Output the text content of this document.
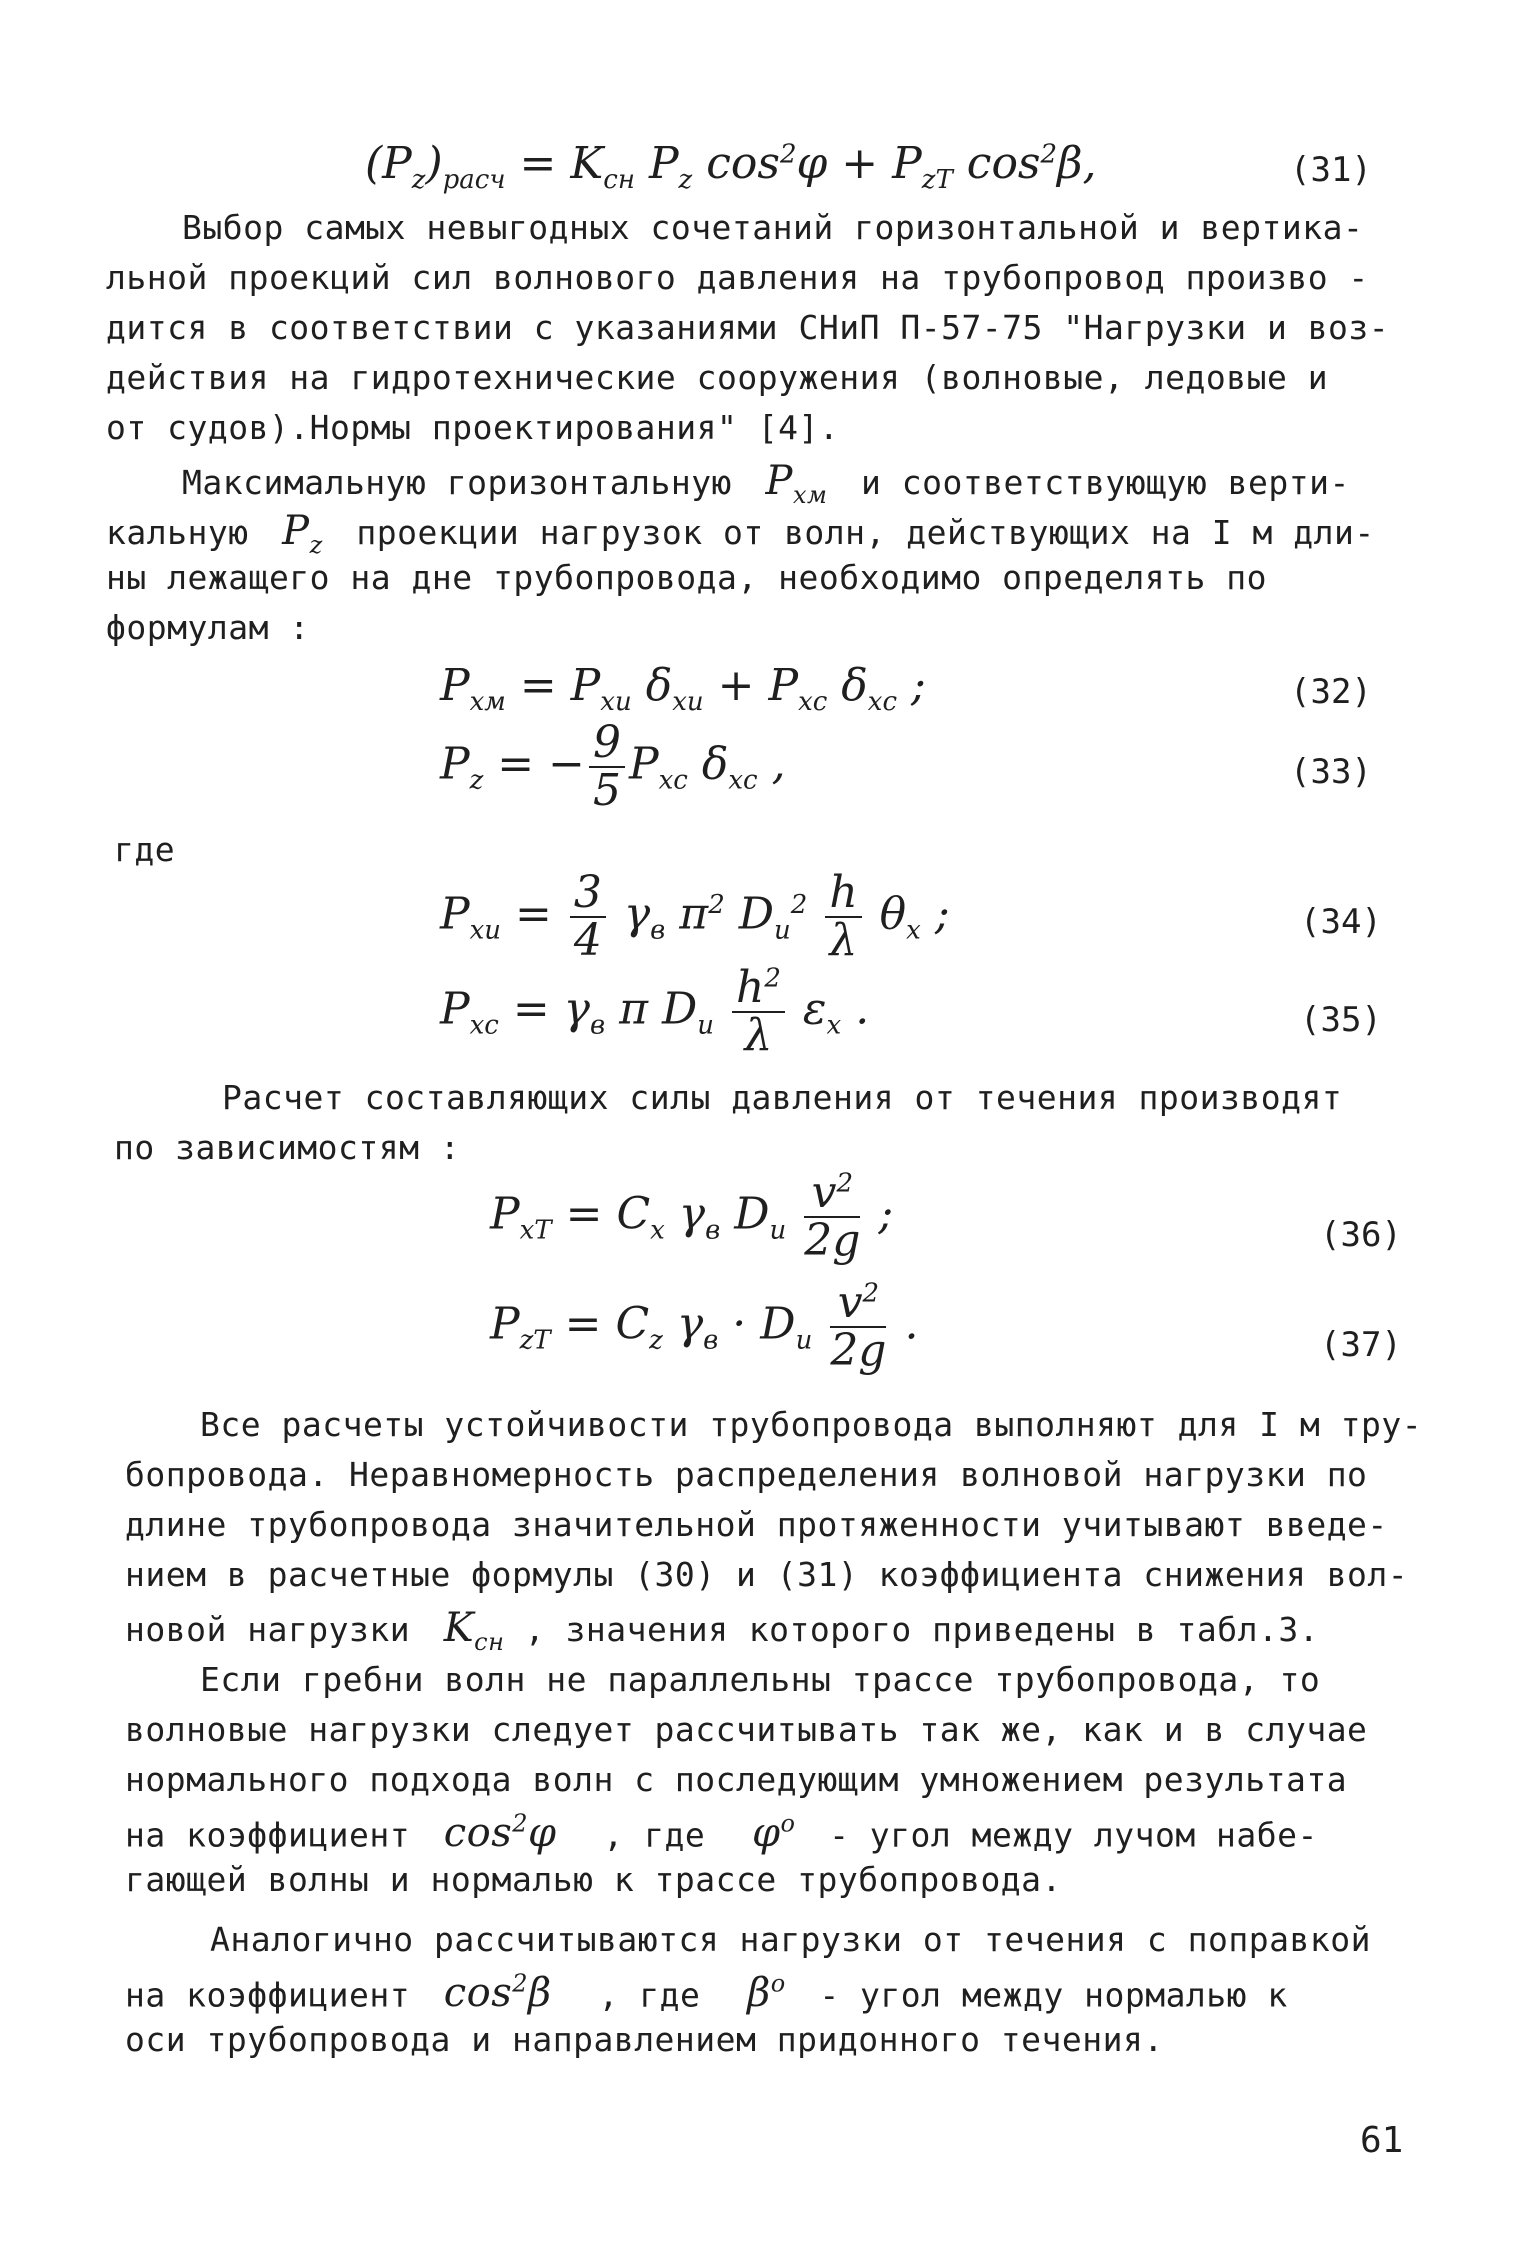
$(P_z)_{расч} = K_{сн}$ $P_z$ $\cos^2\varphi + P_{zT}$ $\cos^2\beta$,	(31)
Выбор самых невыгодных сочетаний горизонтальной и вертика-
льной проекций сил волнового давления на трубопровод произво -
дится в соответствии с указаниями СНиП П-57-75 "Нагрузки и воз-
действия на гидротехнические сооружения (волновые, ледовые и
от судов).Нормы проектирования" [4].
Максимальную горизонтальную  $P_{xм}$ и соответствующую верти-
кальную  $P_z$ проекции нагрузок от волн, действующих на I м дли-
ны лежащего на дне трубопровода, необходимо определять по
формулам :
$P_{xм} = P_{xи}$ $\delta_{xи} + P_{xc}$ $\delta_{xc}$ ;	(32)
$P_z$ = − $\frac{9}{5} P_{xc}$ $\delta_{xc}$ ,	(33)
где
$P_{xи} = \frac{3}{4} \gamma_в$ $\pi^2$ $D_и^2 \frac{h}{\lambda} \theta_x$ ;	(34)
$P_{xc} = \gamma_в$ π $D_и \frac{h^2}{\lambda} \varepsilon_x$ .	(35)
Расчет составляющих силы давления от течения производят
по зависимостям :
$P_{xT} = C_x$ $\gamma_в$ $D_и \frac{v^2}{2g}$ ;	(36)
$P_{zT} = C_z$ $\gamma_в \cdot D_и \frac{v^2}{2g}$ .	(37)
Все расчеты устойчивости трубопровода выполняют для I м тру-
бопровода. Неравномерность распределения волновой нагрузки по
длине трубопровода значительной протяженности учитывают введе-
нием в расчетные формулы (30) и (31) коэффициента снижения вол-
новой нагрузки  $K_{сн}$ , значения которого приведены в табл.3.
Если гребни волн не параллельны трассе трубопровода, то
волновые нагрузки следует рассчитывать так же, как и в случае
нормального подхода волн с последующим умножением результата
на коэффициент  $\cos^2\varphi$   , где   $\varphi^o$ - угол между лучом набе-
гающей волны и нормалью к трассе трубопровода.
Аналогично рассчитываются нагрузки от течения с поправкой
на коэффициент  $\cos^2\beta$   , где   $\beta^o$ - угол между нормалью к
оси трубопровода и направлением придонного течения.
61
